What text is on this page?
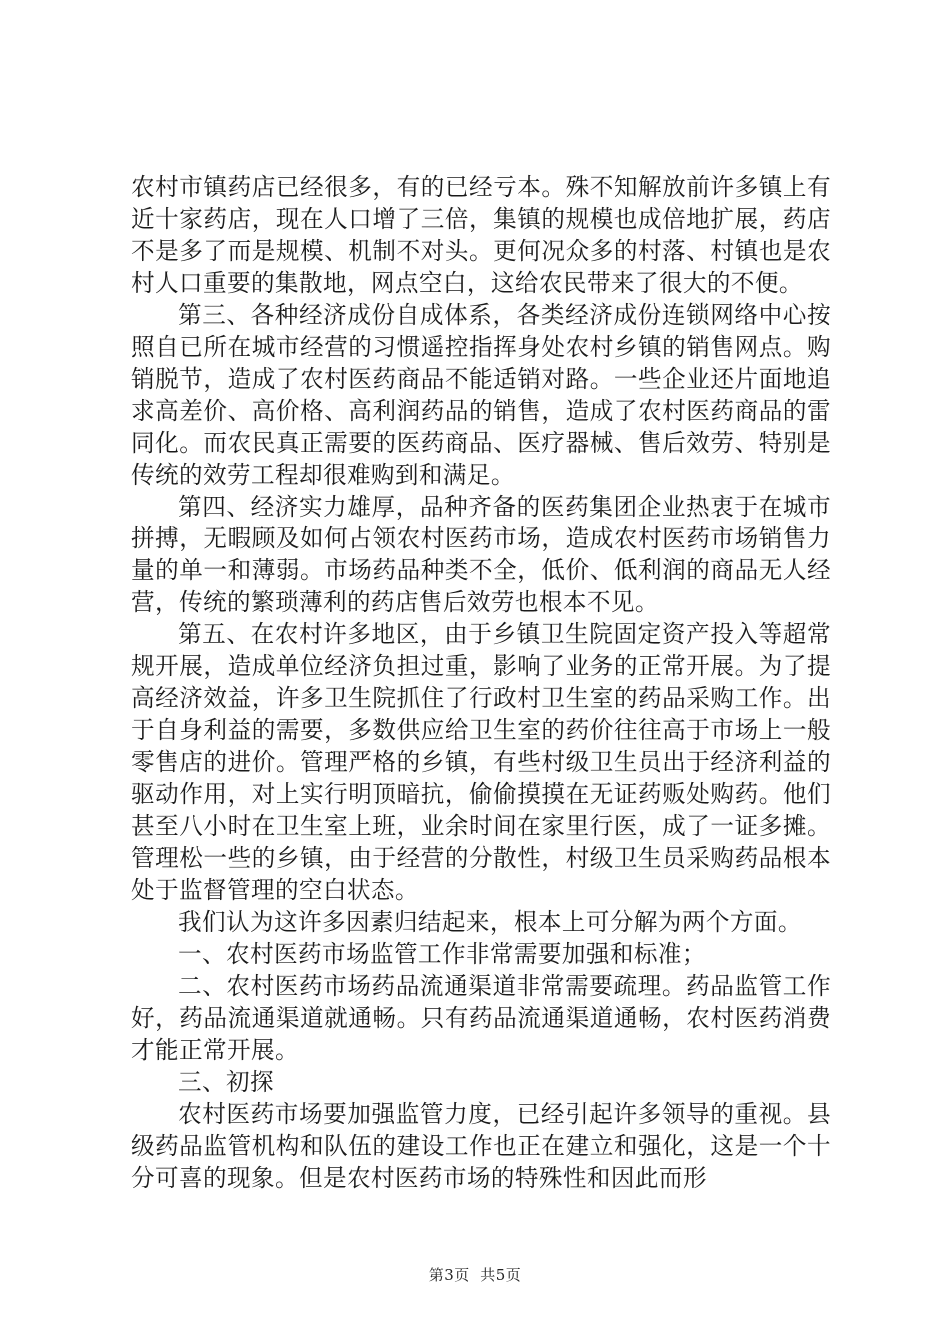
农村市镇药店已经很多，有的已经亏本。殊不知解放前许多镇上有近十家药店，现在人口增了三倍，集镇的规模也成倍地扩展，药店不是多了而是规模、机制不对头。更何况众多的村落、村镇也是农村人口重要的集散地，网点空白，这给农民带来了很大的不便。

第三、各种经济成份自成体系，各类经济成份连锁网络中心按照自已所在城市经营的习惯遥控指挥身处农村乡镇的销售网点。购销脱节，造成了农村医药商品不能适销对路。一些企业还片面地追求高差价、高价格、高利润药品的销售，造成了农村医药商品的雷同化。而农民真正需要的医药商品、医疗器械、售后效劳、特别是传统的效劳工程却很难购到和满足。

第四、经济实力雄厚，品种齐备的医药集团企业热衷于在城市拼搏，无暇顾及如何占领农村医药市场，造成农村医药市场销售力量的单一和薄弱。市场药品种类不全，低价、低利润的商品无人经营，传统的繁琐薄利的药店售后效劳也根本不见。

第五、在农村许多地区，由于乡镇卫生院固定资产投入等超常规开展，造成单位经济负担过重，影响了业务的正常开展。为了提高经济效益，许多卫生院抓住了行政村卫生室的药品采购工作。出于自身利益的需要，多数供应给卫生室的药价往往高于市场上一般零售店的进价。管理严格的乡镇，有些村级卫生员出于经济利益的驱动作用，对上实行明顶暗抗，偷偷摸摸在无证药贩处购药。他们甚至八小时在卫生室上班，业余时间在家里行医，成了一证多摊。管理松一些的乡镇，由于经营的分散性，村级卫生员采购药品根本处于监督管理的空白状态。

我们认为这许多因素归结起来，根本上可分解为两个方面。

一、农村医药市场监管工作非常需要加强和标准；

二、农村医药市场药品流通渠道非常需要疏理。药品监管工作好，药品流通渠道就通畅。只有药品流通渠道通畅，农村医药消费才能正常开展。

三、初探

农村医药市场要加强监管力度，已经引起许多领导的重视。县级药品监管机构和队伍的建设工作也正在建立和强化，这是一个十分可喜的现象。但是农村医药市场的特殊性和因此而形

第3页  共5页
